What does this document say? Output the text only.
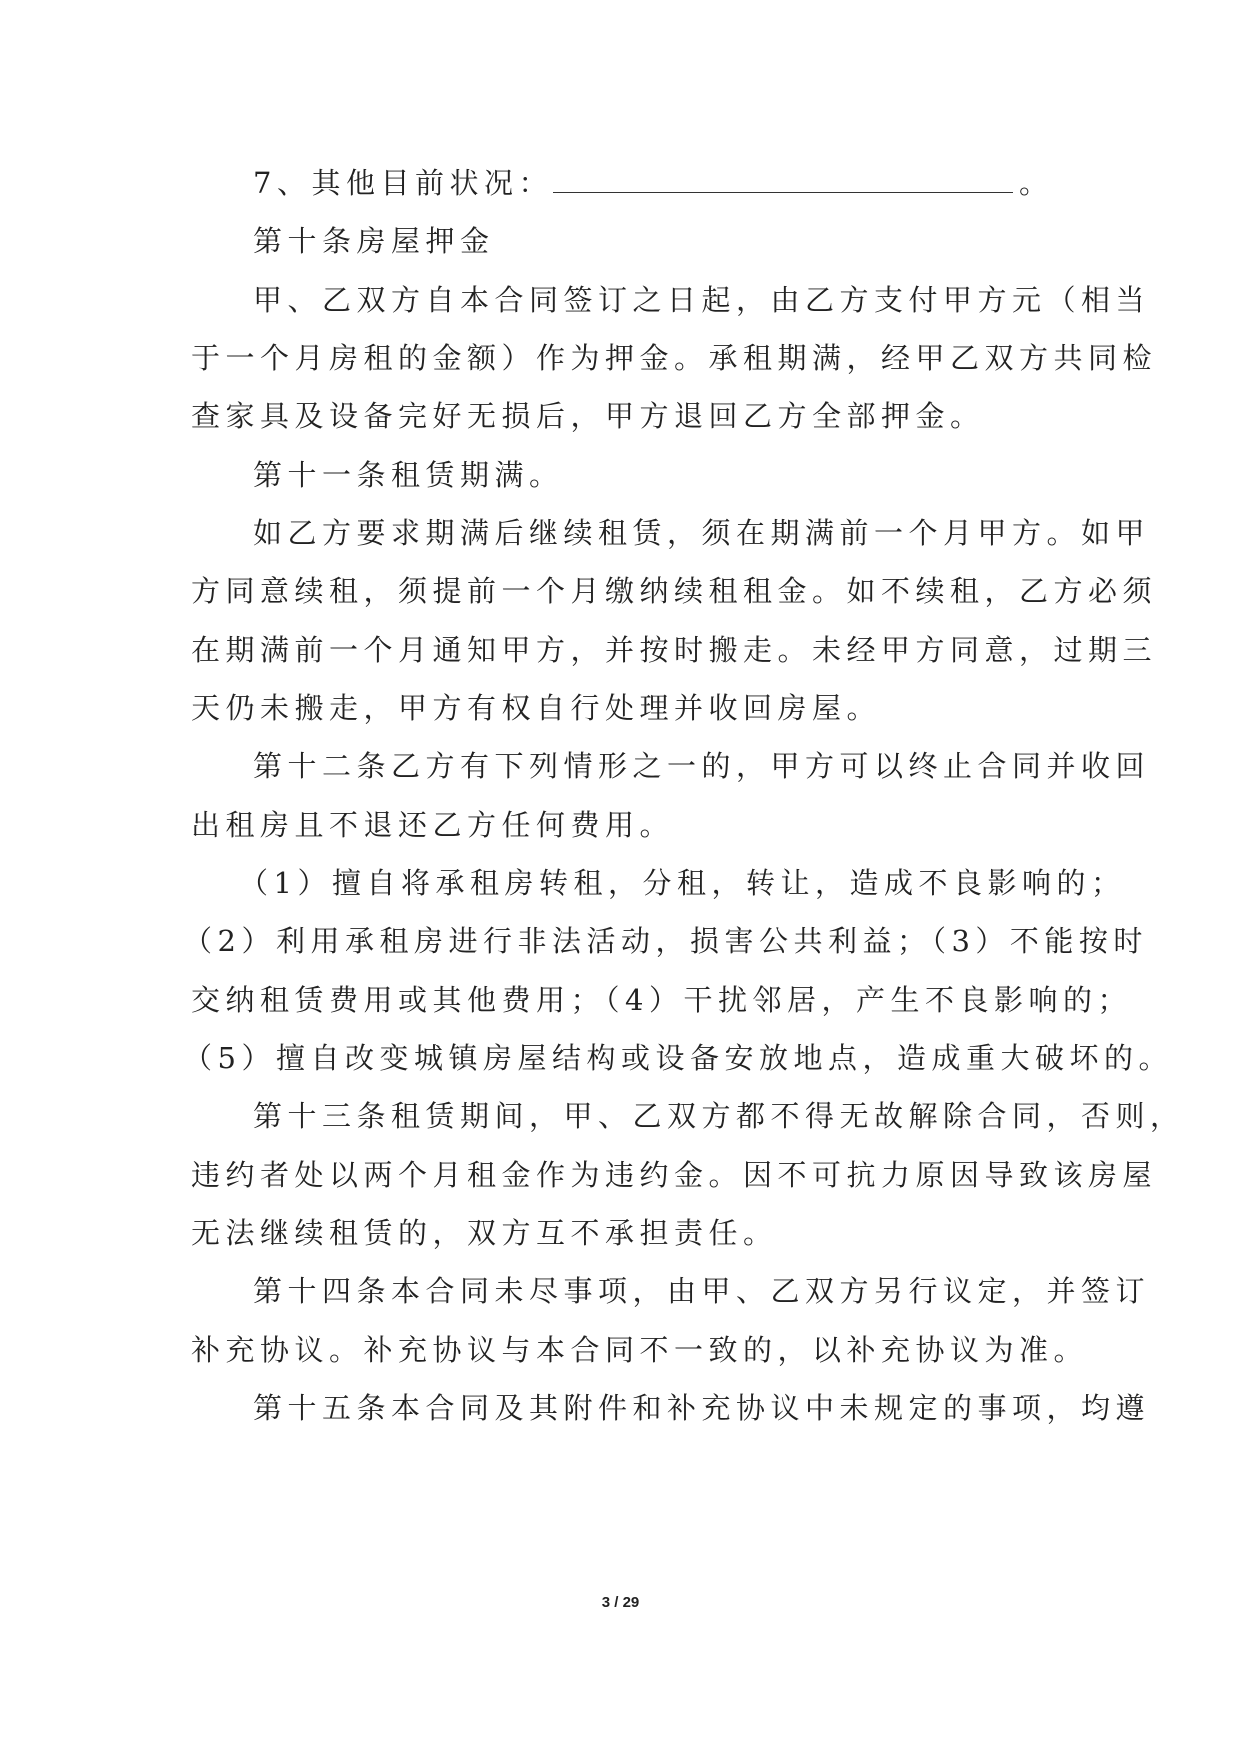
7、其他目前状况：	。
第十条房屋押金
甲、乙双方自本合同签订之日起，由乙方支付甲方元（相当
于一个月房租的金额）作为押金。承租期满，经甲乙双方共同检
查家具及设备完好无损后，甲方退回乙方全部押金。
第十一条租赁期满。
如乙方要求期满后继续租赁，须在期满前一个月甲方。如甲
方同意续租，须提前一个月缴纳续租租金。如不续租，乙方必须
在期满前一个月通知甲方，并按时搬走。未经甲方同意，过期三
天仍未搬走，甲方有权自行处理并收回房屋。
第十二条乙方有下列情形之一的，甲方可以终止合同并收回
出租房且不退还乙方任何费用。
（1）擅自将承租房转租，分租，转让，造成不良影响的；
（2）利用承租房进行非法活动，损害公共利益；（3）不能按时
交纳租赁费用或其他费用；（4）干扰邻居，产生不良影响的；
（5）擅自改变城镇房屋结构或设备安放地点，造成重大破坏的。
第十三条租赁期间，甲、乙双方都不得无故解除合同，否则，
违约者处以两个月租金作为违约金。因不可抗力原因导致该房屋
无法继续租赁的，双方互不承担责任。
第十四条本合同未尽事项，由甲、乙双方另行议定，并签订
补充协议。补充协议与本合同不一致的，以补充协议为准。
第十五条本合同及其附件和补充协议中未规定的事项，均遵
3 / 29
